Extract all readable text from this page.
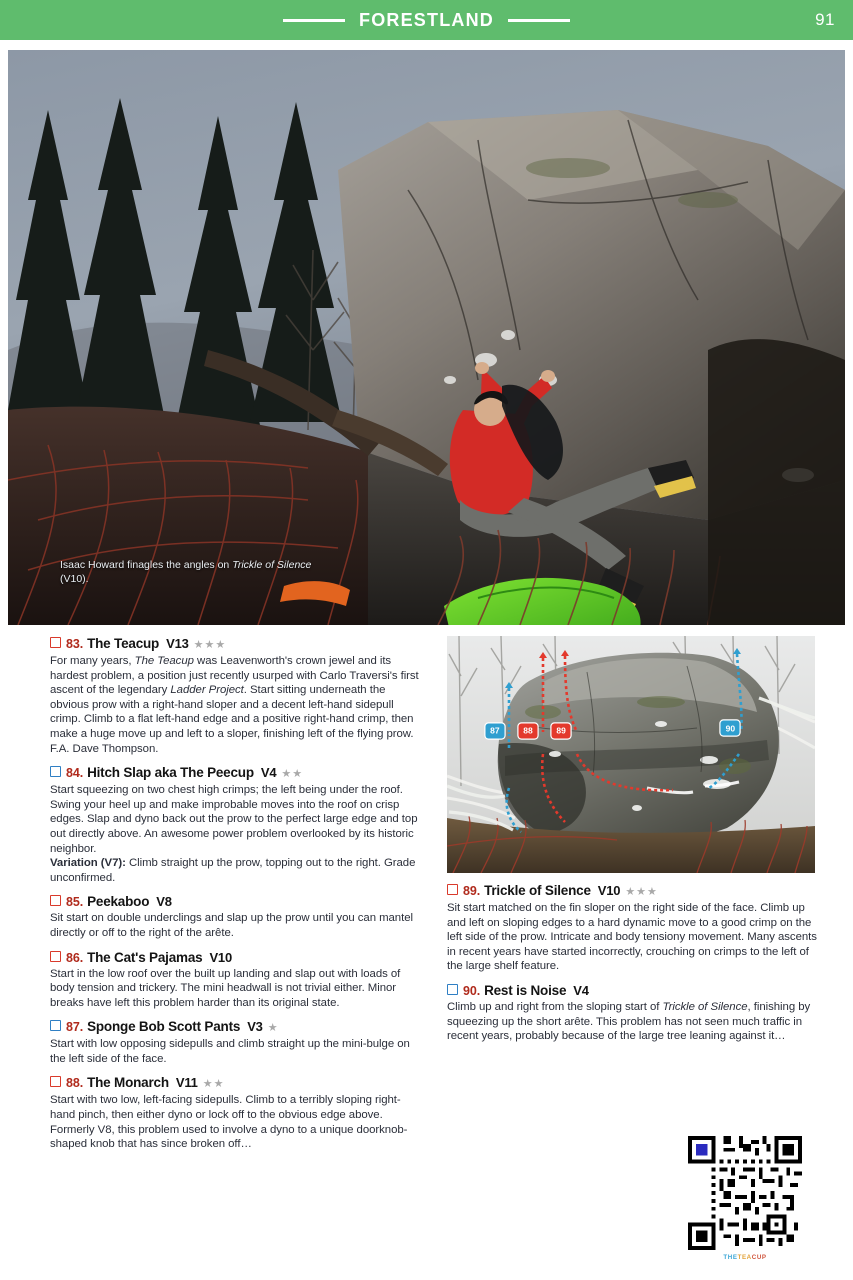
FORESTLAND	91
Isaac Howard finagles the angles on Trickle of Silence (V10).
83. The Teacup V13 ★★★
For many years, The Teacup was Leavenworth's crown jewel and its hardest problem, a position just recently usurped with Carlo Traversi's first ascent of the legendary Ladder Project. Start sitting underneath the obvious prow with a right-hand sloper and a decent left-hand sidepull crimp. Climb to a flat left-hand edge and a positive right-hand crimp, then make a huge move up and left to a sloper, finishing left of the flying prow. F.A. Dave Thompson.
84. Hitch Slap aka The Peecup V4 ★★
Start squeezing on two chest high crimps; the left being under the roof. Swing your heel up and make improbable moves into the roof on crisp edges. Slap and dyno back out the prow to the perfect large edge and top out directly above. An awesome power problem overlooked by its historic neighbor.
Variation (V7): Climb straight up the prow, topping out to the right. Grade unconfirmed.
85. Peekaboo V8
Sit start on double underclings and slap up the prow until you can mantel directly or off to the right of the arête.
86. The Cat's Pajamas V10
Start in the low roof over the built up landing and slap out with loads of body tension and trickery. The mini headwall is not trivial either. Minor breaks have left this problem harder than its original state.
87. Sponge Bob Scott Pants V3 ★
Start with low opposing sidepulls and climb straight up the mini-bulge on the left side of the face.
88. The Monarch V11 ★★
Start with two low, left-facing sidepulls. Climb to a terribly sloping right-hand pinch, then either dyno or lock off to the obvious edge above. Formerly V8, this problem used to involve a dyno to a unique doorknob-shaped knob that has since broken off…
87	88	89	90
89. Trickle of Silence V10 ★★★
Sit start matched on the fin sloper on the right side of the face. Climb up and left on sloping edges to a hard dynamic move to a good crimp on the left side of the prow. Intricate and body tensiony movement. Many ascents in recent years have started incorrectly, crouching on crimps to the left of the large shelf feature.
90. Rest is Noise V4
Climb up and right from the sloping start of Trickle of Silence, finishing by squeezing up the short arête. This problem has not seen much traffic in recent years, probably because of the large tree leaning against it…
THETEACUP
